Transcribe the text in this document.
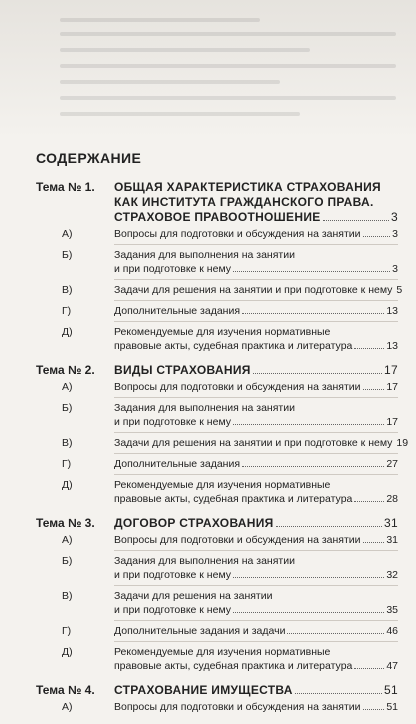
СОДЕРЖАНИЕ
Тема № 1.	ОБЩАЯ ХАРАКТЕРИСТИКА СТРАХОВАНИЯ
КАК ИНСТИТУТА ГРАЖДАНСКОГО ПРАВА.
СТРАХОВОЕ ПРАВООТНОШЕНИЕ	3
А)	Вопросы для подготовки и обсуждения на занятии	3
Б)	Задания для выполнения на занятии
и при подготовке к нему	3
В)	Задачи для решения на занятии и при подготовке к нему 5
Г)	Дополнительные задания	13
Д)	Рекомендуемые для изучения нормативные
правовые акты, судебная практика и литература	13
Тема № 2.	ВИДЫ СТРАХОВАНИЯ	17
А)	Вопросы для подготовки и обсуждения на занятии 17
Б)	Задания для выполнения на занятии
и при подготовке к нему	17
В)	Задачи для решения на занятии и при подготовке к нему 19
Г)	Дополнительные задания	27
Д)	Рекомендуемые для изучения нормативные
правовые акты, судебная практика и литература	28
Тема № 3.	ДОГОВОР СТРАХОВАНИЯ	31
А)	Вопросы для подготовки и обсуждения на занятии 31
Б)	Задания для выполнения на занятии
и при подготовке к нему	32
В)	Задачи для решения на занятии
и при подготовке к нему	35
Г)	Дополнительные задания и задачи	46
Д)	Рекомендуемые для изучения нормативные
правовые акты, судебная практика и литература	47
Тема № 4.	СТРАХОВАНИЕ ИМУЩЕСТВА	51
А)	Вопросы для подготовки и обсуждения на занятии 51
